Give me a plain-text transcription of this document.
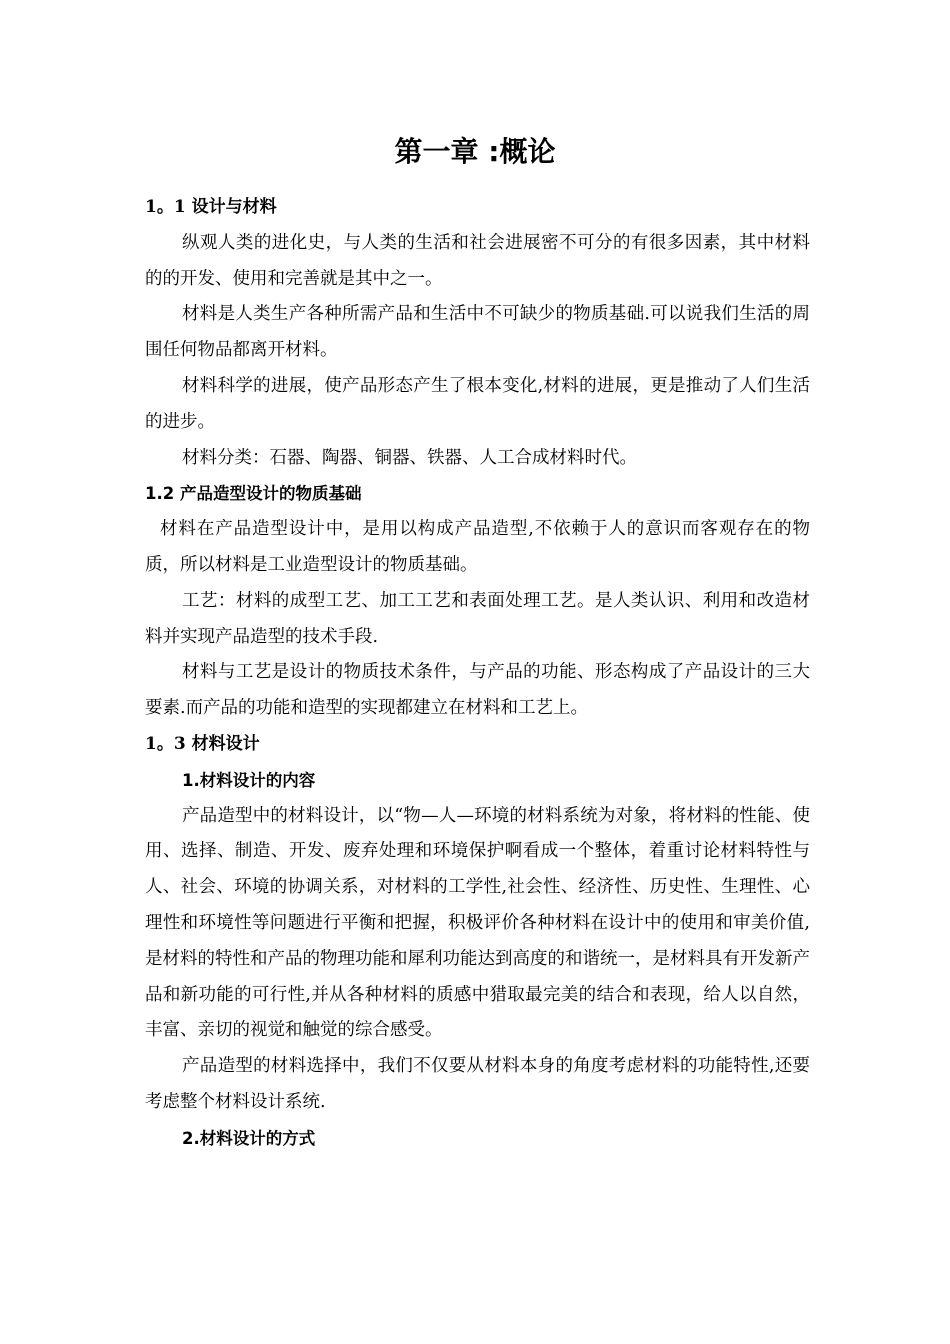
第一章 :概论

1。1 设计与材料

纵观人类的进化史，与人类的生活和社会进展密不可分的有很多因素，其中材料的的开发、使用和完善就是其中之一。

材料是人类生产各种所需产品和生活中不可缺少的物质基础.可以说我们生活的周围任何物品都离开材料。

材料科学的进展，使产品形态产生了根本变化,材料的进展，更是推动了人们生活的进步。

材料分类：石器、陶器、铜器、铁器、人工合成材料时代。

1.2 产品造型设计的物质基础

材料在产品造型设计中，是用以构成产品造型,不依赖于人的意识而客观存在的物质，所以材料是工业造型设计的物质基础。

工艺：材料的成型工艺、加工工艺和表面处理工艺。是人类认识、利用和改造材料并实现产品造型的技术手段.

材料与工艺是设计的物质技术条件，与产品的功能、形态构成了产品设计的三大要素.而产品的功能和造型的实现都建立在材料和工艺上。

1。3 材料设计

1.材料设计的内容

产品造型中的材料设计，以“物—人—环境的材料系统为对象，将材料的性能、使用、选择、制造、开发、废弃处理和环境保护啊看成一个整体，着重讨论材料特性与人、社会、环境的协调关系，对材料的工学性,社会性、经济性、历史性、生理性、心理性和环境性等问题进行平衡和把握，积极评价各种材料在设计中的使用和审美价值,是材料的特性和产品的物理功能和犀利功能达到高度的和谐统一，是材料具有开发新产品和新功能的可行性,并从各种材料的质感中猎取最完美的结合和表现，给人以自然，丰富、亲切的视觉和触觉的综合感受。

产品造型的材料选择中，我们不仅要从材料本身的角度考虑材料的功能特性,还要考虑整个材料设计系统.

2.材料设计的方式
